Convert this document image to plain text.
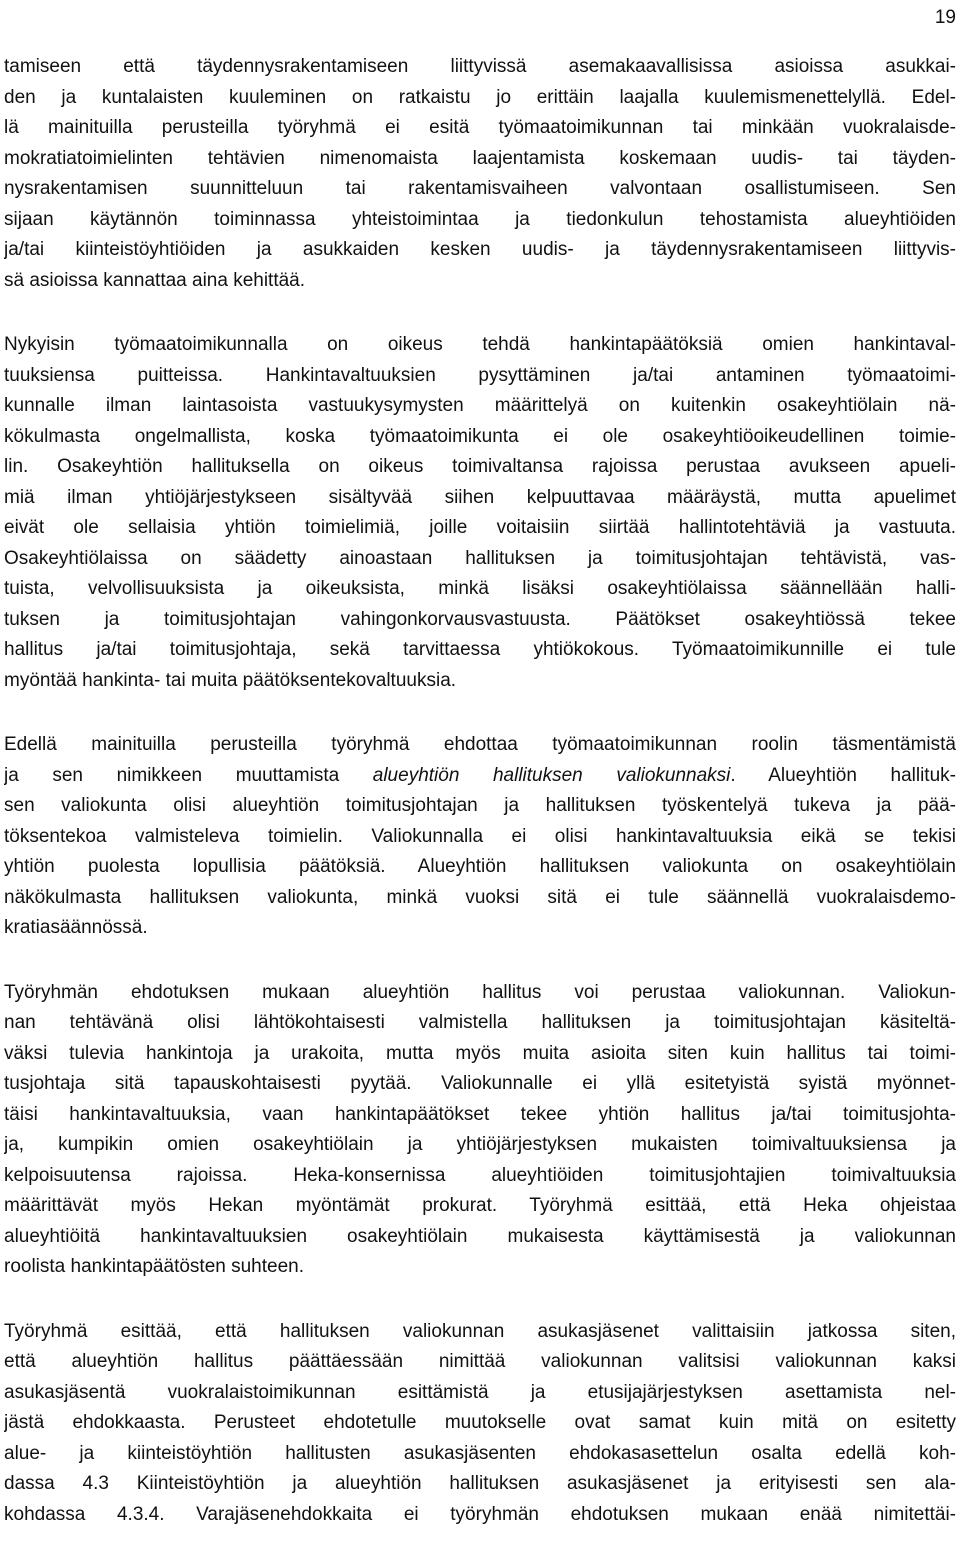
19
tamiseen että täydennysrakentamiseen liittyvissä asemakaavallisissa asioissa asukkai-
den ja kuntalaisten kuuleminen on ratkaistu jo erittäin laajalla kuulemismenettelyllä. Edel-
lä mainituilla perusteilla työryhmä ei esitä työmaatoimikunnan tai minkään vuokralaisde-
mokratiatoimielinten tehtävien nimenomaista laajentamista koskemaan uudis- tai täyden-
nysrakentamisen suunnitteluun tai rakentamisvaiheen valvontaan osallistumiseen. Sen
sijaan käytännön toiminnassa yhteistoimintaa ja tiedonkulun tehostamista alueyhtiöiden
ja/tai kiinteistöyhtiöiden ja asukkaiden kesken uudis- ja täydennysrakentamiseen liittyvis-
sä asioissa kannattaa aina kehittää.
Nykyisin työmaatoimikunnalla on oikeus tehdä hankintapäätöksiä omien hankintaval-
tuuksiensa puitteissa. Hankintavaltuuksien pysyttäminen ja/tai antaminen työmaatoimi-
kunnalle ilman laintasoista vastuukysymysten määrittelyä on kuitenkin osakeyhtiölain nä-
kökulmasta ongelmallista, koska työmaatoimikunta ei ole osakeyhtiöoikeudellinen toimie-
lin. Osakeyhtiön hallituksella on oikeus toimivaltansa rajoissa perustaa avukseen apueli-
miä ilman yhtiöjärjestykseen sisältyvää siihen kelpuuttavaa määräystä, mutta apuelimet
eivät ole sellaisia yhtiön toimielimiä, joille voitaisiin siirtää hallintotehtäviä ja vastuuta.
Osakeyhtiölaissa on säädetty ainoastaan hallituksen ja toimitusjohtajan tehtävistä, vas-
tuista, velvollisuuksista ja oikeuksista, minkä lisäksi osakeyhtiölaissa säännellään halli-
tuksen ja toimitusjohtajan vahingonkorvausvastuusta. Päätökset osakeyhtiössä tekee
hallitus ja/tai toimitusjohtaja, sekä tarvittaessa yhtiökokous. Työmaatoimikunnille ei tule
myöntää hankinta- tai muita päätöksentekovaltuuksia.
Edellä mainituilla perusteilla työryhmä ehdottaa työmaatoimikunnan roolin täsmentämistä
ja sen nimikkeen muuttamista alueyhtiön hallituksen valiokunnaksi. Alueyhtiön hallituk-
sen valiokunta olisi alueyhtiön toimitusjohtajan ja hallituksen työskentelyä tukeva ja pää-
töksentekoa valmisteleva toimielin. Valiokunnalla ei olisi hankintavaltuuksia eikä se tekisi
yhtiön puolesta lopullisia päätöksiä. Alueyhtiön hallituksen valiokunta on osakeyhtiölain
näkökulmasta hallituksen valiokunta, minkä vuoksi sitä ei tule säännellä vuokralaisdemo-
kratiasäännössä.
Työryhmän ehdotuksen mukaan alueyhtiön hallitus voi perustaa valiokunnan. Valiokun-
nan tehtävänä olisi lähtökohtaisesti valmistella hallituksen ja toimitusjohtajan käsiteltä-
väksi tulevia hankintoja ja urakoita, mutta myös muita asioita siten kuin hallitus tai toimi-
tusjohtaja sitä tapauskohtaisesti pyytää. Valiokunnalle ei yllä esitetyistä syistä myönnet-
täisi hankintavaltuuksia, vaan hankintapäätökset tekee yhtiön hallitus ja/tai toimitusjohta-
ja, kumpikin omien osakeyhtiölain ja yhtiöjärjestyksen mukaisten toimivaltuuksiensa ja
kelpoisuutensa rajoissa. Heka-konsernissa alueyhtiöiden toimitusjohtajien toimivaltuuksia
määrittävät myös Hekan myöntämät prokurat. Työryhmä esittää, että Heka ohjeistaa
alueyhtiöitä hankintavaltuuksien osakeyhtiölain mukaisesta käyttämisestä ja valiokunnan
roolista hankintapäätösten suhteen.
Työryhmä esittää, että hallituksen valiokunnan asukasjäsenet valittaisiin jatkossa siten,
että alueyhtiön hallitus päättäessään nimittää valiokunnan valitsisi valiokunnan kaksi
asukasjäsentä vuokralaistoimikunnan esittämistä ja etusijajärjestyksen asettamista nel-
jästä ehdokkaasta. Perusteet ehdotetulle muutokselle ovat samat kuin mitä on esitetty
alue- ja kiinteistöyhtiön hallitusten asukasjäsenten ehdokasasettelun osalta edellä koh-
dassa 4.3 Kiinteistöyhtiön ja alueyhtiön hallituksen asukasjäsenet ja erityisesti sen ala-
kohdassa 4.3.4. Varajäsenehdokkaita ei työryhmän ehdotuksen mukaan enää nimitettäi-
